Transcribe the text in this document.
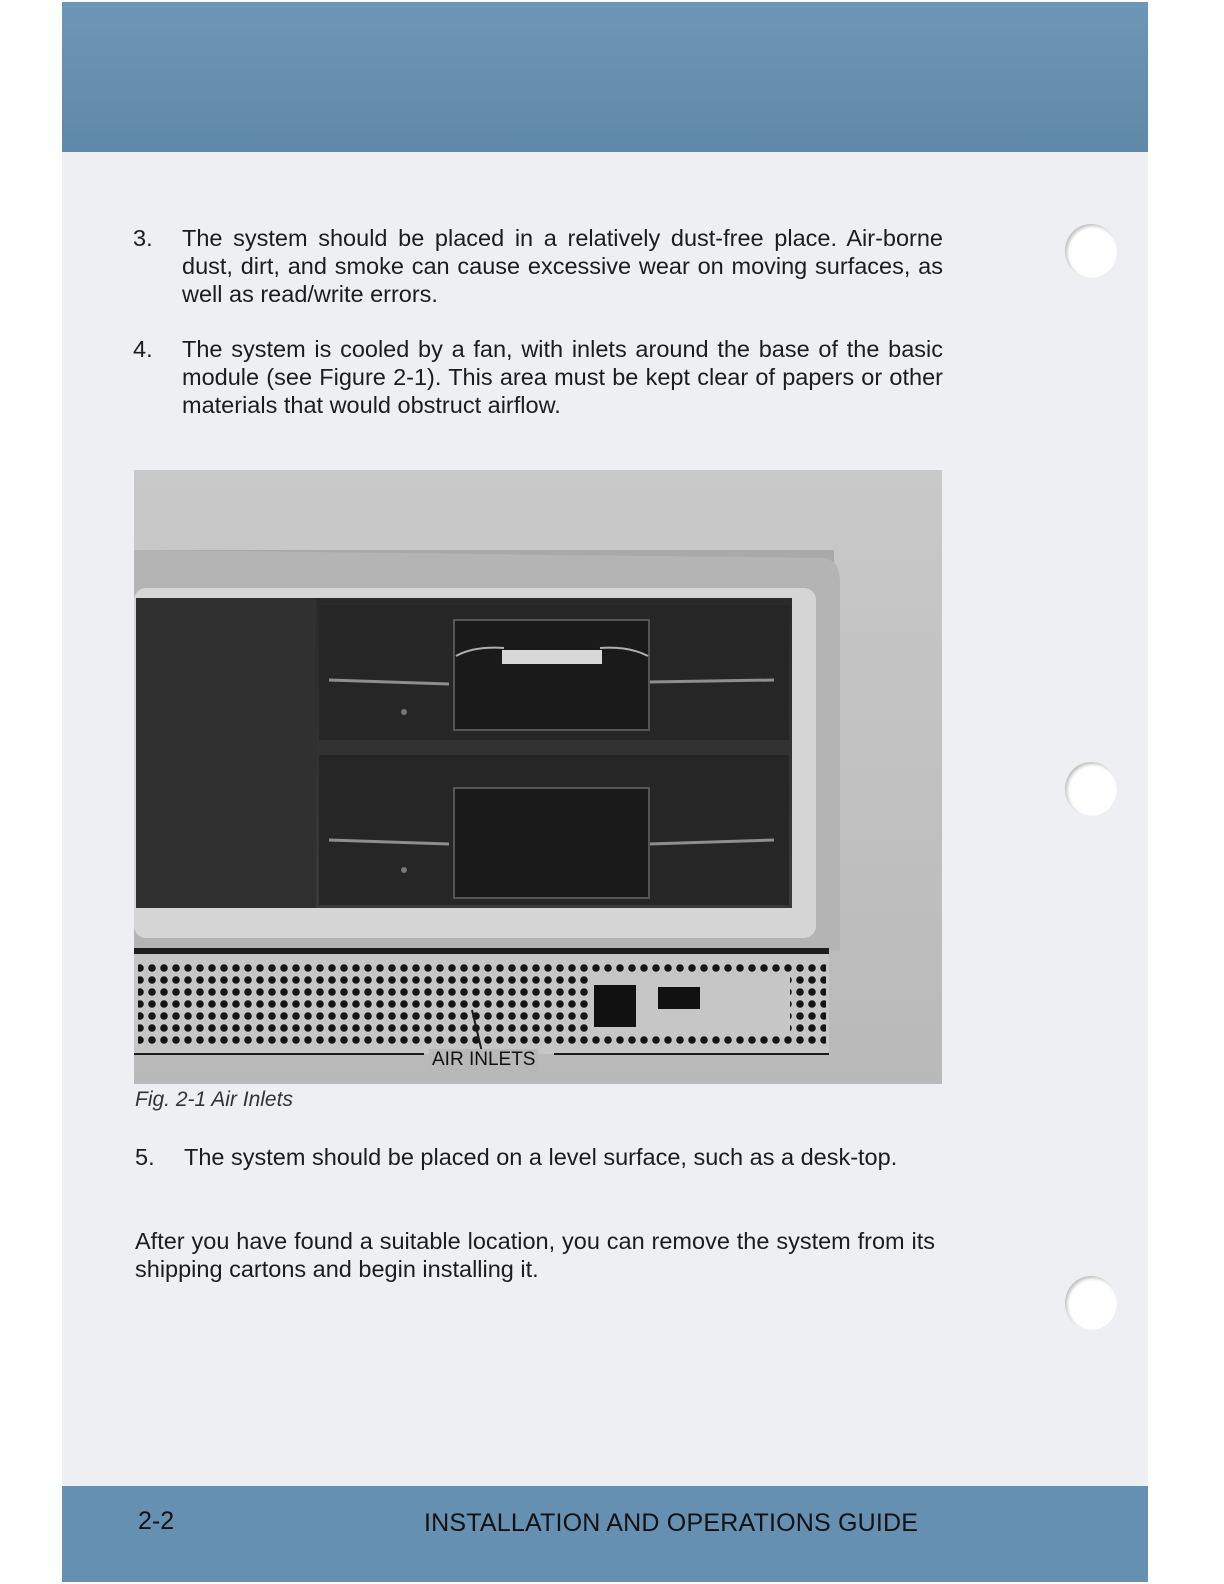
3. The system should be placed in a relatively dust-free place. Air-borne dust, dirt, and smoke can cause excessive wear on moving surfaces, as well as read/write errors.
4. The system is cooled by a fan, with inlets around the base of the basic module (see Figure 2-1). This area must be kept clear of papers or other materials that would obstruct airflow.
AIR INLETS
Fig. 2-1 Air Inlets
5. The system should be placed on a level surface, such as a desk-top.
After you have found a suitable location, you can remove the system from its shipping cartons and begin installing it.
2-2	INSTALLATION AND OPERATIONS GUIDE
